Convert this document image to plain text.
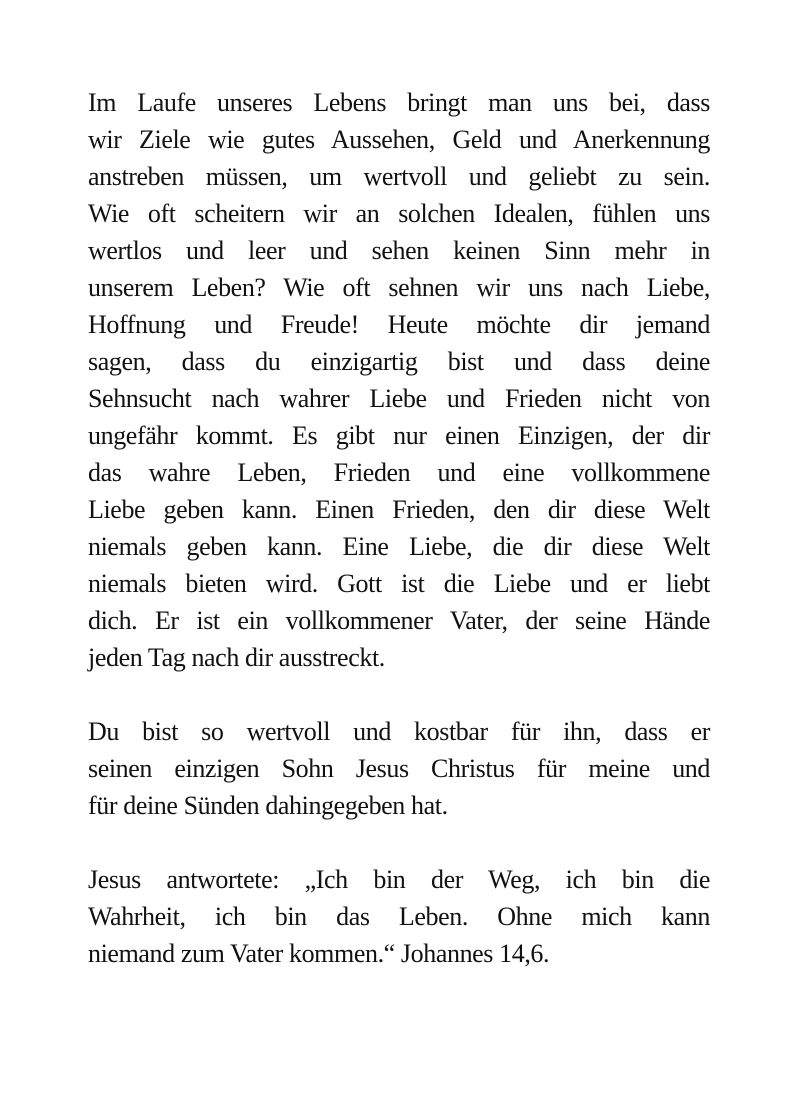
Im Laufe unseres Lebens bringt man uns bei, dass
wir Ziele wie gutes Aussehen, Geld und Anerkennung
anstreben müssen, um wertvoll und geliebt zu sein.
Wie oft scheitern wir an solchen Idealen, fühlen uns
wertlos und leer und sehen keinen Sinn mehr in
unserem Leben? Wie oft sehnen wir uns nach Liebe,
Hoffnung und Freude! Heute möchte dir jemand
sagen, dass du einzigartig bist und dass deine
Sehnsucht nach wahrer Liebe und Frieden nicht von
ungefähr kommt. Es gibt nur einen Einzigen, der dir
das wahre Leben, Frieden und eine vollkommene
Liebe geben kann. Einen Frieden, den dir diese Welt
niemals geben kann. Eine Liebe, die dir diese Welt
niemals bieten wird. Gott ist die Liebe und er liebt
dich. Er ist ein vollkommener Vater, der seine Hände
jeden Tag nach dir ausstreckt.

Du bist so wertvoll und kostbar für ihn, dass er
seinen einzigen Sohn Jesus Christus für meine und
für deine Sünden dahingegeben hat.

Jesus antwortete: „Ich bin der Weg, ich bin die
Wahrheit, ich bin das Leben. Ohne mich kann
niemand zum Vater kommen.“ Johannes 14,6.
